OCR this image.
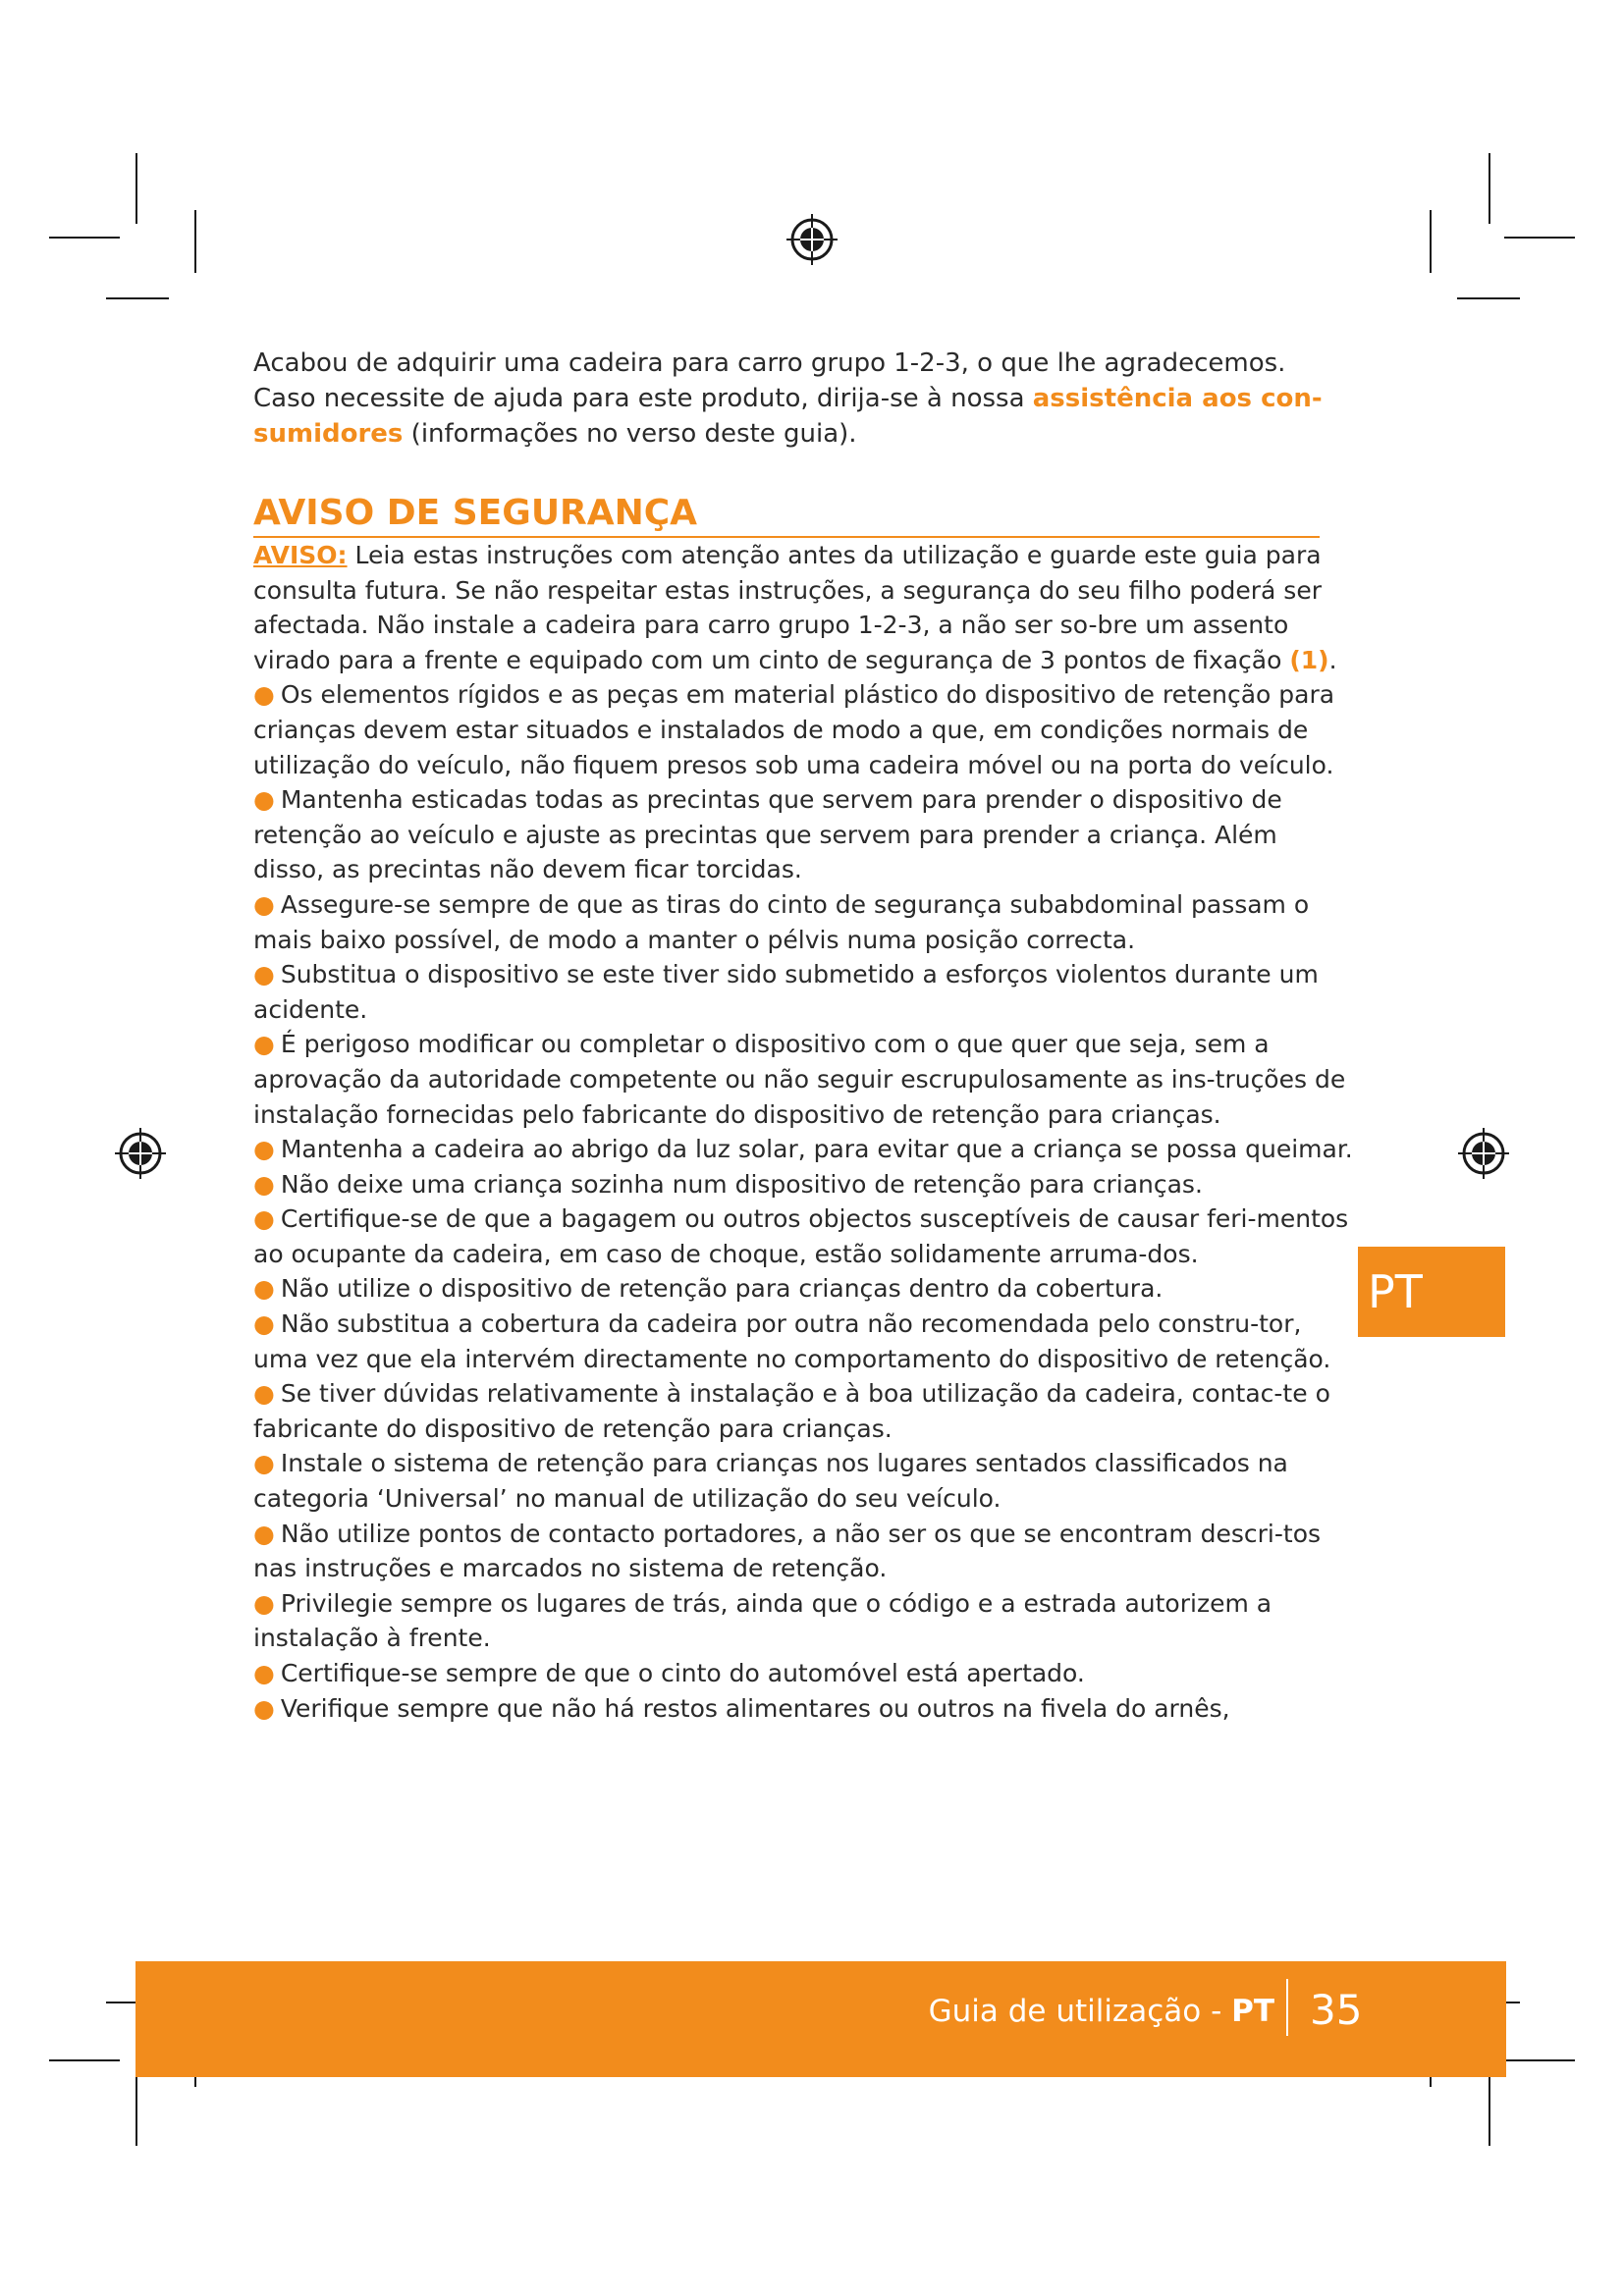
Acabou de adquirir uma cadeira para carro grupo 1-2-3, o que lhe agradecemos.

Caso necessite de ajuda para este produto, dirija-se à nossa assistência aos con-

sumidores (informações no verso deste guia).

AVISO DE SEGURANÇA

AVISO: Leia estas instruções com atenção antes da utilização e guarde este guia para consulta futura. Se não respeitar estas instruções, a segurança do seu filho poderá ser afectada. Não instale a cadeira para carro grupo 1-2-3, a não ser so-bre um assento virado para a frente e equipado com um cinto de segurança de 3 pontos de fixação (1).

● Os elementos rígidos e as peças em material plástico do dispositivo de retenção para crianças devem estar situados e instalados de modo a que, em condições normais de utilização do veículo, não fiquem presos sob uma cadeira móvel ou na porta do veículo.

● Mantenha esticadas todas as precintas que servem para prender o dispositivo de retenção ao veículo e ajuste as precintas que servem para prender a criança. Além disso, as precintas não devem ficar torcidas.

● Assegure-se sempre de que as tiras do cinto de segurança subabdominal passam o mais baixo possível, de modo a manter o pélvis numa posição correcta.

● Substitua o dispositivo se este tiver sido submetido a esforços violentos durante um acidente.

● É perigoso modificar ou completar o dispositivo com o que quer que seja, sem a aprovação da autoridade competente ou não seguir escrupulosamente as ins-truções de instalação fornecidas pelo fabricante do dispositivo de retenção para crianças.

● Mantenha a cadeira ao abrigo da luz solar, para evitar que a criança se possa queimar.

● Não deixe uma criança sozinha num dispositivo de retenção para crianças.

● Certifique-se de que a bagagem ou outros objectos susceptíveis de causar feri-mentos ao ocupante da cadeira, em caso de choque, estão solidamente arruma-dos.

● Não utilize o dispositivo de retenção para crianças dentro da cobertura.

● Não substitua a cobertura da cadeira por outra não recomendada pelo constru-tor, uma vez que ela intervém directamente no comportamento do dispositivo de retenção.

● Se tiver dúvidas relativamente à instalação e à boa utilização da cadeira, contac-te o fabricante do dispositivo de retenção para crianças.

● Instale o sistema de retenção para crianças nos lugares sentados classificados na categoria ‘Universal’ no manual de utilização do seu veículo.

● Não utilize pontos de contacto portadores, a não ser os que se encontram descri-tos nas instruções e marcados no sistema de retenção.

● Privilegie sempre os lugares de trás, ainda que o código e a estrada autorizem a instalação à frente.

● Certifique-se sempre de que o cinto do automóvel está apertado.

● Verifique sempre que não há restos alimentares ou outros na fivela do arnês,

PT
Guia de utilização - PT 35
